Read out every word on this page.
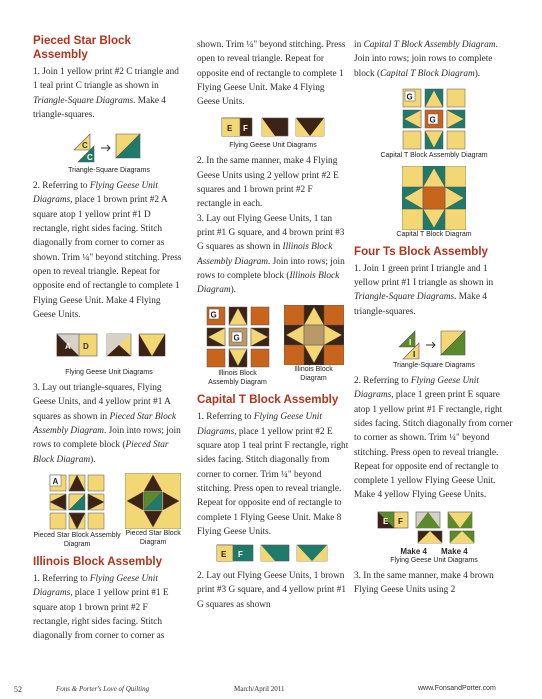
Pieced Star Block Assembly

1. Join 1 yellow print #2 C triangle and 1 teal print C triangle as shown in Triangle-Square Diagrams. Make 4 triangle-squares.

C
C
Triangle-Square Diagrams

2. Referring to Flying Geese Unit Diagrams, place 1 brown print #2 A square atop 1 yellow print #1 D rectangle, right sides facing. Stitch diagonally from corner to corner as shown. Trim ¼" beyond stitching. Press open to reveal triangle. Repeat for opposite end of rectangle to complete 1 Flying Geese Unit. Make 4 Flying Geese Units.

A D
Flying Geese Unit Diagrams

3. Lay out triangle-squares, Flying Geese Units, and 4 yellow print #1 A squares as shown in Pieced Star Block Assembly Diagram. Join into rows; join rows to complete block (Pieced Star Block Diagram).

A
Pieced Star Block Assembly Diagram
Pieced Star Block Diagram
Illinois Block Assembly

1. Referring to Flying Geese Unit Diagrams, place 1 yellow print #1 E square atop 1 brown print #2 F rectangle, right sides facing. Stitch diagonally from corner to corner as

shown. Trim ¼" beyond stitching. Press open to reveal triangle. Repeat for opposite end of rectangle to complete 1 Flying Geese Unit. Make 4 Flying Geese Units.

E F
Flying Geese Unit Diagrams

2. In the same manner, make 4 Flying Geese Units using 2 yellow print #2 E squares and 1 brown print #2 F rectangle in each.

3. Lay out Flying Geese Units, 1 tan print #1 G square, and 4 brown print #3 G squares as shown in Illinois Block Assembly Diagram. Join into rows; join rows to complete block (Illinois Block Diagram).

G
G
Illinois Block Assembly Diagram
Illinois Block Diagram
Capital T Block Assembly

1. Referring to Flying Geese Unit Diagrams, place 1 yellow print #2 E square atop 1 teal print F rectangle, right sides facing. Stitch diagonally from corner to corner. Trim ¼" beyond stitching. Press open to reveal triangle. Repeat for opposite end of rectangle to complete 1 Flying Geese Unit. Make 8 Flying Geese Units.

E F

2. Lay out Flying Geese Units, 1 brown print #3 G square, and 4 yellow print #1 G squares as shown

in Capital T Block Assembly Diagram. Join into rows; join rows to complete block (Capital T Block Diagram).

G
G
Capital T Block Assembly Diagram
Capital T Block Diagram
Four Ts Block Assembly

1. Join 1 green print I triangle and 1 yellow print #1 I triangle as shown in Triangle-Square Diagrams. Make 4 triangle-squares.

I
I
Triangle-Square Diagrams

2. Referring to Flying Geese Unit Diagrams, place 1 green print E square atop 1 yellow print #1 F rectangle, right sides facing. Stitch diagonally from corner to corner as shown. Trim ¼" beyond stitching. Press open to reveal triangle. Repeat for opposite end of rectangle to complete 1 yellow Flying Geese Unit. Make 4 yellow Flying Geese Units.

E F
Make 4 Make 4
Flying Geese Unit Diagrams

3. In the same manner, make 4 brown Flying Geese Units using 2

52	Fons & Porter's Love of Quilting	March/April 2011	www.FonsandPorter.com
